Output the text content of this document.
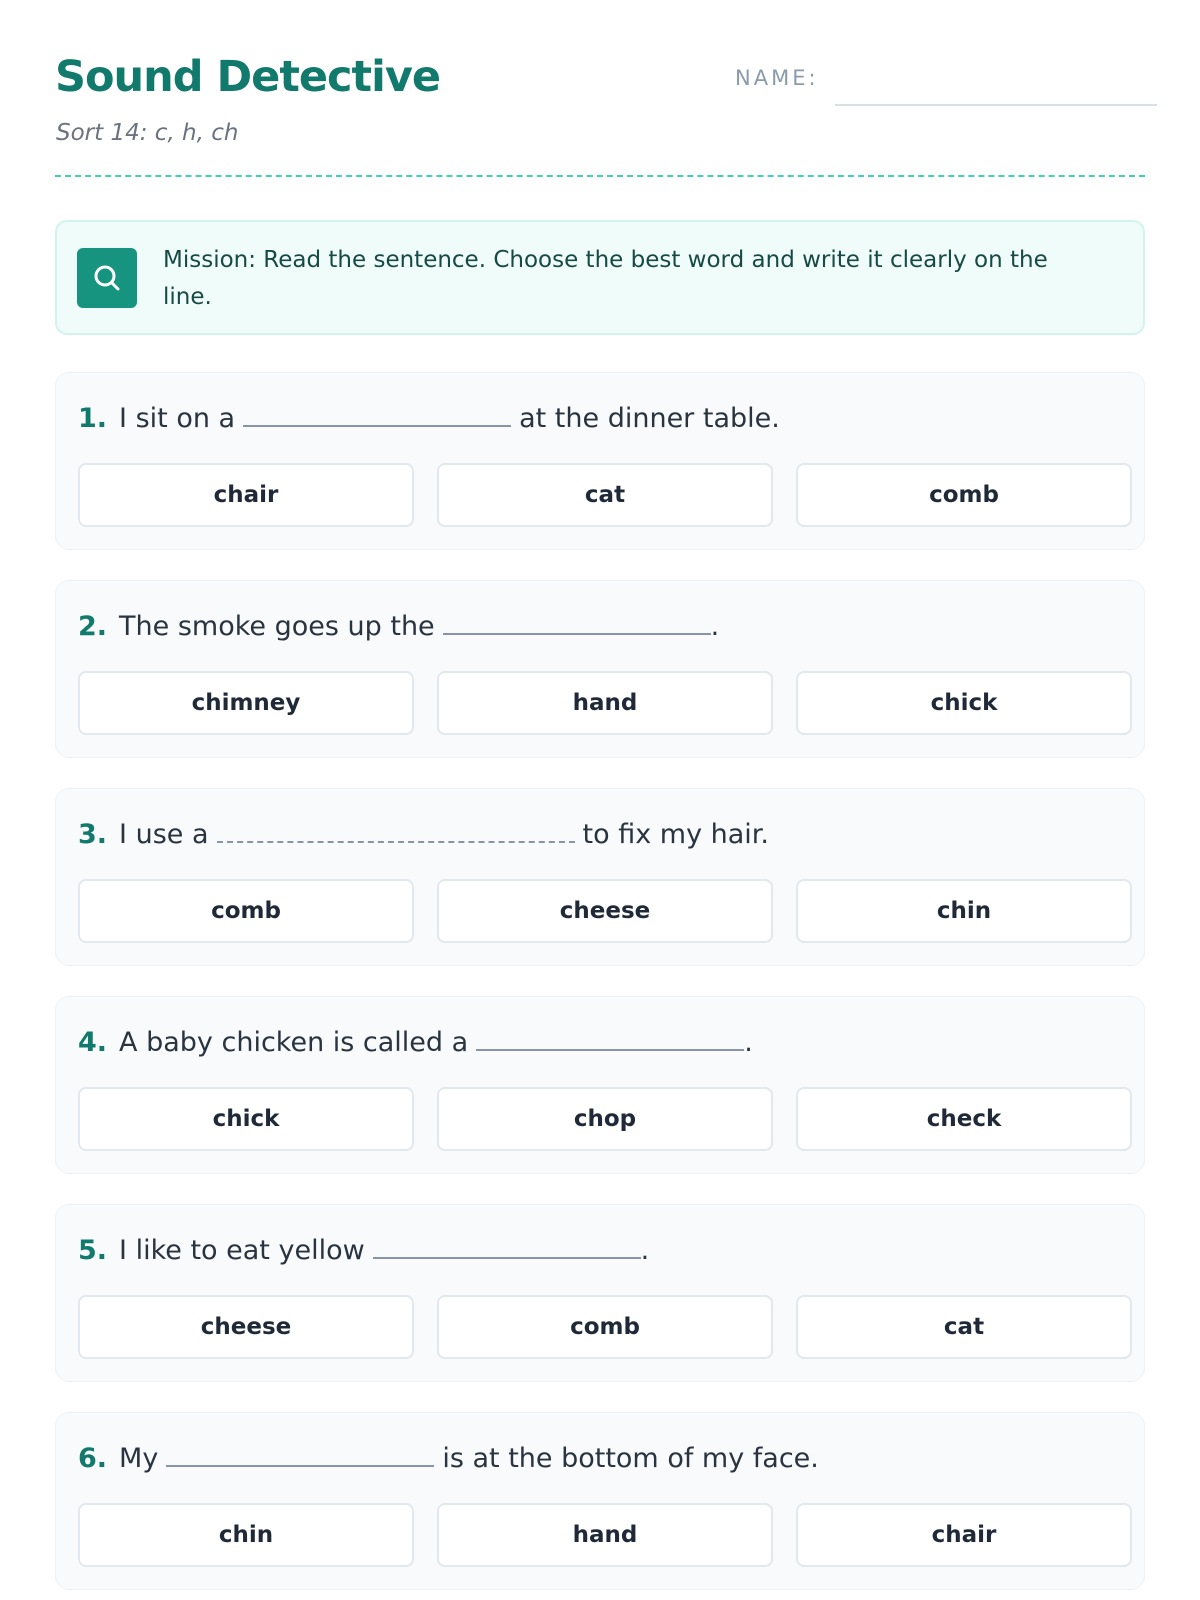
Sound Detective
Sort 14: c, h, ch
NAME:
Mission: Read the sentence. Choose the best word and write it clearly on the line.
1. I sit on a	at the dinner table.
chair	cat	comb
2. The smoke goes up the	.
chimney	hand	chick
3. I use a	to fix my hair.
comb	cheese	chin
4. A baby chicken is called a	.
chick	chop	check
5. I like to eat yellow	.
cheese	comb	cat
6. My	is at the bottom of my face.
chin	hand	chair
